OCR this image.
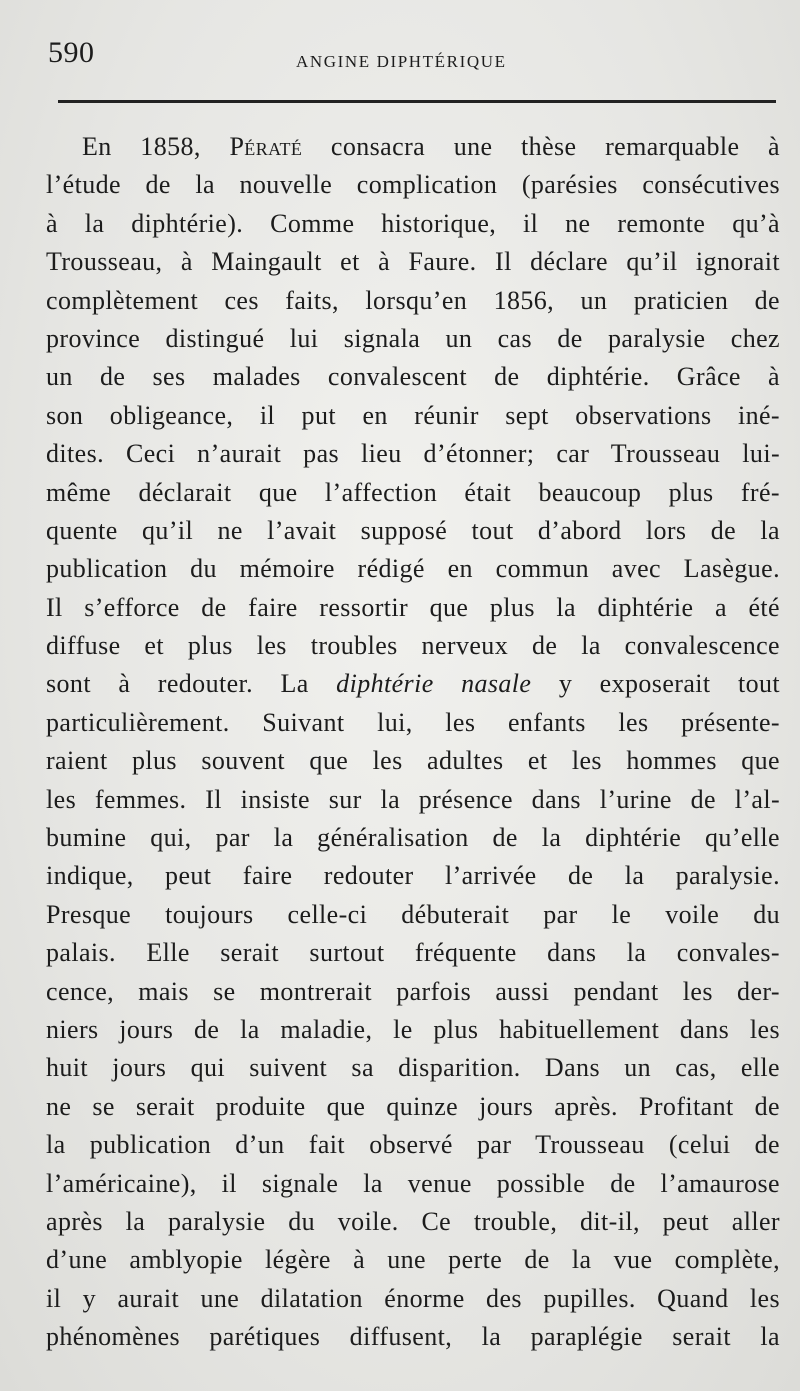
590	ANGINE DIPHTÉRIQUE
En 1858, Pératé consacra une thèse remarquable à
l’étude de la nouvelle complication (parésies consécutives
à la diphtérie). Comme historique, il ne remonte qu’à
Trousseau, à Maingault et à Faure. Il déclare qu’il ignorait
complètement ces faits, lorsqu’en 1856, un praticien de
province distingué lui signala un cas de paralysie chez
un de ses malades convalescent de diphtérie. Grâce à
son obligeance, il put en réunir sept observations iné-
dites. Ceci n’aurait pas lieu d’étonner; car Trousseau lui-
même déclarait que l’affection était beaucoup plus fré-
quente qu’il ne l’avait supposé tout d’abord lors de la
publication du mémoire rédigé en commun avec Lasègue.
Il s’efforce de faire ressortir que plus la diphtérie a été
diffuse et plus les troubles nerveux de la convalescence
sont à redouter. La diphtérie nasale y exposerait tout
particulièrement. Suivant lui, les enfants les présente-
raient plus souvent que les adultes et les hommes que
les femmes. Il insiste sur la présence dans l’urine de l’al-
bumine qui, par la généralisation de la diphtérie qu’elle
indique, peut faire redouter l’arrivée de la paralysie.
Presque toujours celle-ci débuterait par le voile du
palais. Elle serait surtout fréquente dans la convales-
cence, mais se montrerait parfois aussi pendant les der-
niers jours de la maladie, le plus habituellement dans les
huit jours qui suivent sa disparition. Dans un cas, elle
ne se serait produite que quinze jours après. Profitant de
la publication d’un fait observé par Trousseau (celui de
l’américaine), il signale la venue possible de l’amaurose
après la paralysie du voile. Ce trouble, dit-il, peut aller
d’une amblyopie légère à une perte de la vue complète,
il y aurait une dilatation énorme des pupilles. Quand les
phénomènes parétiques diffusent, la paraplégie serait la
